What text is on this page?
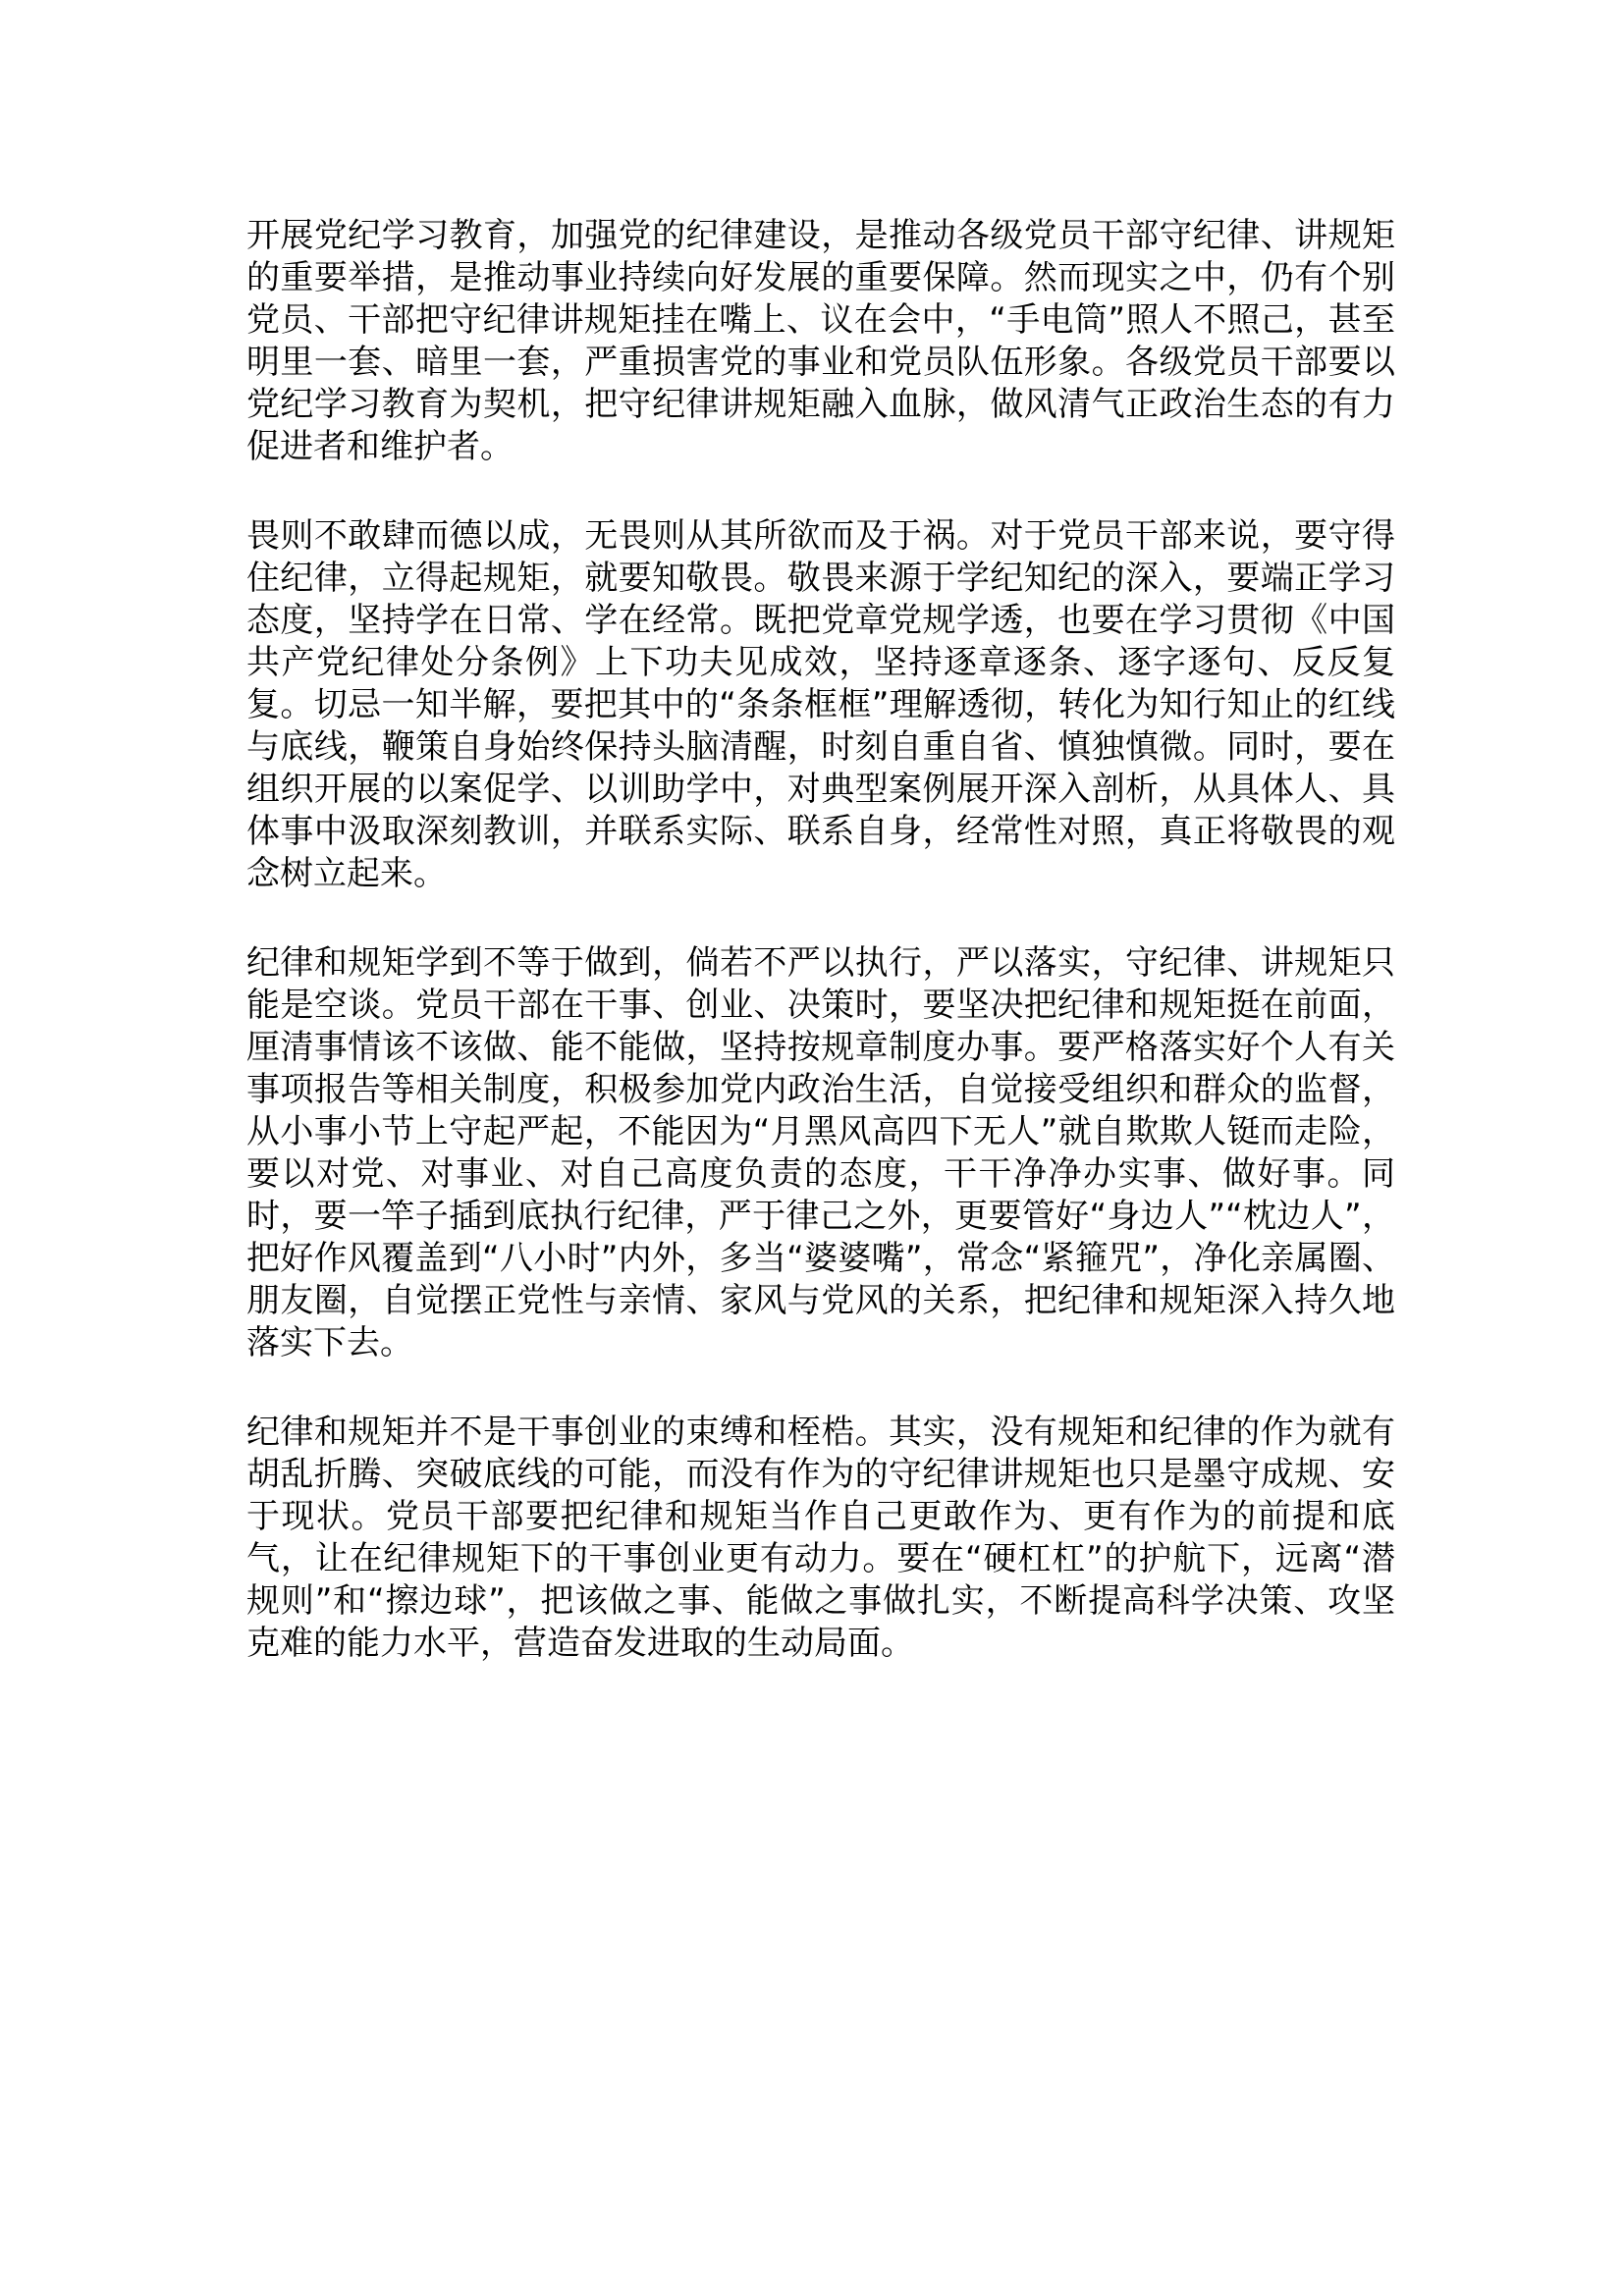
开展党纪学习教育，加强党的纪律建设，是推动各级党员干部守纪律、讲规矩的重要举措，是推动事业持续向好发展的重要保障。然而现实之中，仍有个别党员、干部把守纪律讲规矩挂在嘴上、议在会中，“手电筒”照人不照己，甚至明里一套、暗里一套，严重损害党的事业和党员队伍形象。各级党员干部要以党纪学习教育为契机，把守纪律讲规矩融入血脉，做风清气正政治生态的有力促进者和维护者。

畏则不敢肆而德以成，无畏则从其所欲而及于祸。对于党员干部来说，要守得住纪律，立得起规矩，就要知敬畏。敬畏来源于学纪知纪的深入，要端正学习态度，坚持学在日常、学在经常。既把党章党规学透，也要在学习贯彻《中国共产党纪律处分条例》上下功夫见成效，坚持逐章逐条、逐字逐句、反反复复。切忌一知半解，要把其中的“条条框框”理解透彻，转化为知行知止的红线与底线，鞭策自身始终保持头脑清醒，时刻自重自省、慎独慎微。同时，要在组织开展的以案促学、以训助学中，对典型案例展开深入剖析，从具体人、具体事中汲取深刻教训，并联系实际、联系自身，经常性对照，真正将敬畏的观念树立起来。

纪律和规矩学到不等于做到，倘若不严以执行，严以落实，守纪律、讲规矩只能是空谈。党员干部在干事、创业、决策时，要坚决把纪律和规矩挺在前面，厘清事情该不该做、能不能做，坚持按规章制度办事。要严格落实好个人有关事项报告等相关制度，积极参加党内政治生活，自觉接受组织和群众的监督，从小事小节上守起严起，不能因为“月黑风高四下无人”就自欺欺人铤而走险，要以对党、对事业、对自己高度负责的态度，干干净净办实事、做好事。同时，要一竿子插到底执行纪律，严于律己之外，更要管好“身边人”“枕边人”，把好作风覆盖到“八小时”内外，多当“婆婆嘴”，常念“紧箍咒”，净化亲属圈、朋友圈，自觉摆正党性与亲情、家风与党风的关系，把纪律和规矩深入持久地落实下去。

纪律和规矩并不是干事创业的束缚和桎梏。其实，没有规矩和纪律的作为就有胡乱折腾、突破底线的可能，而没有作为的守纪律讲规矩也只是墨守成规、安于现状。党员干部要把纪律和规矩当作自己更敢作为、更有作为的前提和底气，让在纪律规矩下的干事创业更有动力。要在“硬杠杠”的护航下，远离“潜规则”和“擦边球”，把该做之事、能做之事做扎实，不断提高科学决策、攻坚克难的能力水平，营造奋发进取的生动局面。
